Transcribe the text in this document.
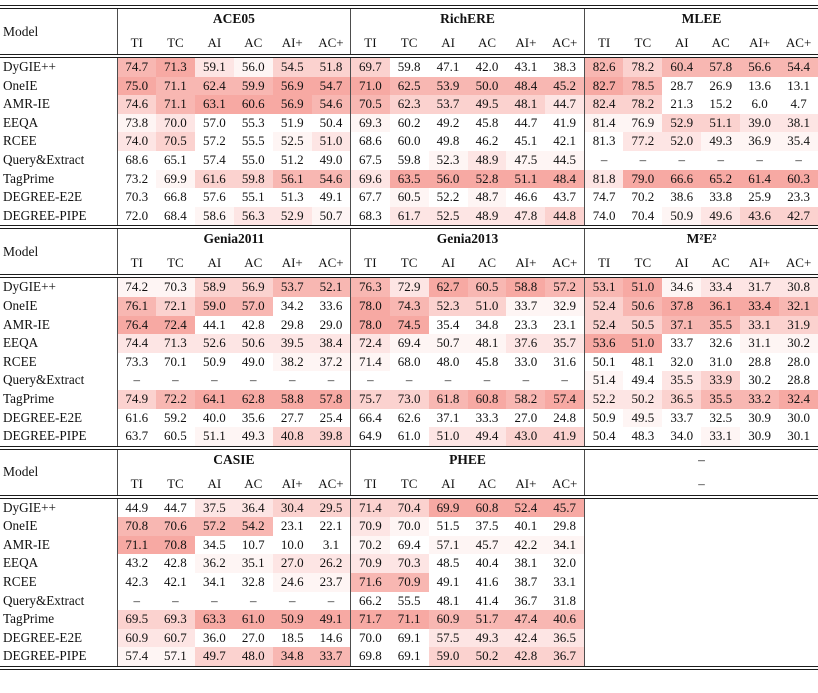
Model	ACE05						RichERE						MLEE					
	TI	TC	AI	AC	AI+	AC+	TI	TC	AI	AC	AI+	AC+	TI	TC	AI	AC	AI+	AC+
DyGIE++	74.7	71.3	59.1	56.0	54.5	51.8	69.7	59.8	47.1	42.0	43.1	38.3	82.6	78.2	60.4	57.8	56.6	54.4
OneIE	75.0	71.1	62.4	59.9	56.9	54.7	71.0	62.5	53.9	50.0	48.4	45.2	82.7	78.5	28.7	26.9	13.6	13.1
AMR-IE	74.6	71.1	63.1	60.6	56.9	54.6	70.5	62.3	53.7	49.5	48.1	44.7	82.4	78.2	21.3	15.2	6.0	4.7
EEQA	73.8	70.0	57.0	55.3	51.9	50.4	69.3	60.2	49.2	45.8	44.7	41.9	81.4	76.9	52.9	51.1	39.0	38.1
RCEE	74.0	70.5	57.2	55.5	52.5	51.0	68.6	60.0	49.8	46.2	45.1	42.1	81.3	77.2	52.0	49.3	36.9	35.4
Query&Extract	68.6	65.1	57.4	55.0	51.2	49.0	67.5	59.8	52.3	48.9	47.5	44.5	–	–	–	–	–	–
TagPrime	73.2	69.9	61.6	59.8	56.1	54.6	69.6	63.5	56.0	52.8	51.1	48.4	81.8	79.0	66.6	65.2	61.4	60.3
DEGREE-E2E	70.3	66.8	57.6	55.1	51.3	49.1	67.7	60.5	52.2	48.7	46.6	43.7	74.7	70.2	38.6	33.8	25.9	23.3
DEGREE-PIPE	72.0	68.4	58.6	56.3	52.9	50.7	68.3	61.7	52.5	48.9	47.8	44.8	74.0	70.4	50.9	49.6	43.6	42.7
Model	Genia2011						Genia2013						M²E²					
	TI	TC	AI	AC	AI+	AC+	TI	TC	AI	AC	AI+	AC+	TI	TC	AI	AC	AI+	AC+
DyGIE++	74.2	70.3	58.9	56.9	53.7	52.1	76.3	72.9	62.7	60.5	58.8	57.2	53.1	51.0	34.6	33.4	31.7	30.8
OneIE	76.1	72.1	59.0	57.0	34.2	33.6	78.0	74.3	52.3	51.0	33.7	32.9	52.4	50.6	37.8	36.1	33.4	32.1
AMR-IE	76.4	72.4	44.1	42.8	29.8	29.0	78.0	74.5	35.4	34.8	23.3	23.1	52.4	50.5	37.1	35.5	33.1	31.9
EEQA	74.4	71.3	52.6	50.6	39.5	38.4	72.4	69.4	50.7	48.1	37.6	35.7	53.6	51.0	33.7	32.6	31.1	30.2
RCEE	73.3	70.1	50.9	49.0	38.2	37.2	71.4	68.0	48.0	45.8	33.0	31.6	50.1	48.1	32.0	31.0	28.8	28.0
Query&Extract	–	–	–	–	–	–	–	–	–	–	–	–	51.4	49.4	35.5	33.9	30.2	28.8
TagPrime	74.9	72.2	64.1	62.8	58.8	57.8	75.7	73.0	61.8	60.8	58.2	57.4	52.2	50.2	36.5	35.5	33.2	32.4
DEGREE-E2E	61.6	59.2	40.0	35.6	27.7	25.4	66.4	62.6	37.1	33.3	27.0	24.8	50.9	49.5	33.7	32.5	30.9	30.0
DEGREE-PIPE	63.7	60.5	51.1	49.3	40.8	39.8	64.9	61.0	51.0	49.4	43.0	41.9	50.4	48.3	34.0	33.1	30.9	30.1
Model	CASIE						PHEE						–					
	TI	TC	AI	AC	AI+	AC+	TI	TC	AI	AC	AI+	AC+	–					
DyGIE++	44.9	44.7	37.5	36.4	30.4	29.5	71.4	70.4	69.9	60.8	52.4	45.7						
OneIE	70.8	70.6	57.2	54.2	23.1	22.1	70.9	70.0	51.5	37.5	40.1	29.8						
AMR-IE	71.1	70.8	34.5	10.7	10.0	3.1	70.2	69.4	57.1	45.7	42.2	34.1						
EEQA	43.2	42.8	36.2	35.1	27.0	26.2	70.9	70.3	48.5	40.4	38.1	32.0						
RCEE	42.3	42.1	34.1	32.8	24.6	23.7	71.6	70.9	49.1	41.6	38.7	33.1						
Query&Extract	–	–	–	–	–	–	66.2	55.5	48.1	41.4	36.7	31.8						
TagPrime	69.5	69.3	63.3	61.0	50.9	49.1	71.7	71.1	60.9	51.7	47.4	40.6						
DEGREE-E2E	60.9	60.7	36.0	27.0	18.5	14.6	70.0	69.1	57.5	49.3	42.4	36.5						
DEGREE-PIPE	57.4	57.1	49.7	48.0	34.8	33.7	69.8	69.1	59.0	50.2	42.8	36.7						
